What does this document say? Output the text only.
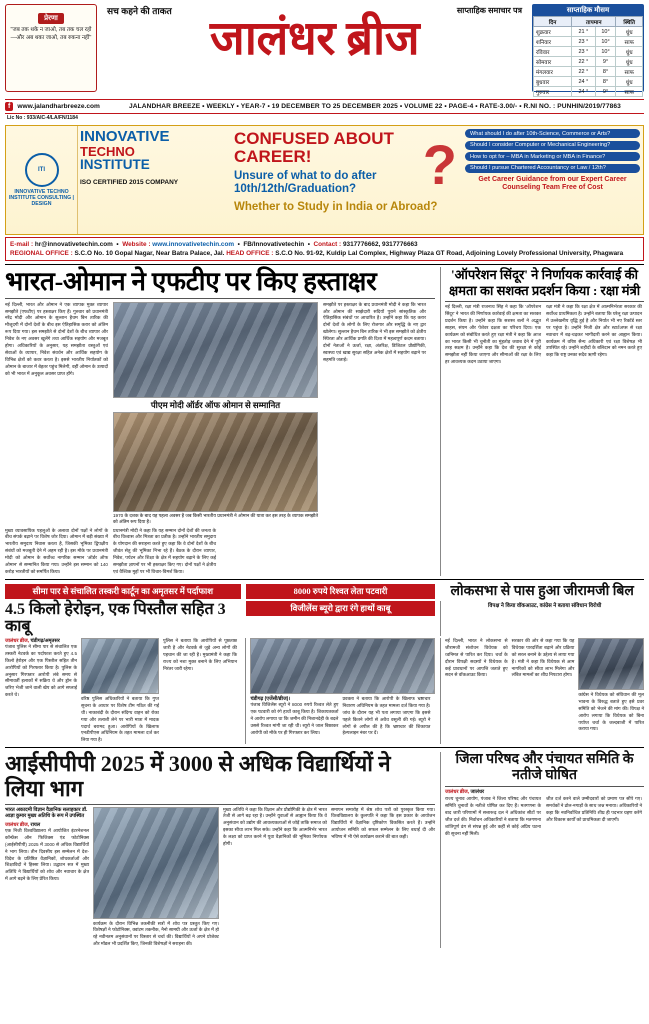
प्रेरणा
"जब तक थके न जाओ, तब तक चल रहो—और अब थका जाओ, तब रुकना नहीं"
सच कहने की ताकत	साप्ताहिक समाचार पत्र
जालंधर ब्रीज
साप्ताहिक मौसम
दिन	तापमान		स्थिति
शुक्रवार	21 °	10°	धुंध
शनिवार	23 °	10°	साफ
रविवार	23 °	10°	धुंध
सोमवार	22 °	9°	धुंध
मंगलवार	22 °	8°	साफ
बुधवार	24 °	8°	धुंध
गुरुवार	24 °	9°	साफ
f	www.jalandharbreeze.com	JALANDHAR BREEZE • WEEKLY • YEAR-7 • 19 DECEMBER TO 25 DECEMBER 2025 • VOLUME 22 • PAGE-4 • RATE-3.00/- • R.NI NO. : PUNHIN/2019/77863
Lic No : 933/AIC-4/LA/FN/1184
ITI
INNOVATIVE TECHNO INSTITUTE CONSULTING | DESIGN
INNOVATIVE
TECHNO
INSTITUTE
ISO CERTIFIED 2015 COMPANY
CONFUSED ABOUT CAREER!
Unsure of what to do after 10th/12th/Graduation?
Whether to Study in India or Abroad?
?	What should I do after 10th-Science, Commerce or Arts?
Should I consider Computer or Mechanical Engineering?
How to opt for – MBA in Marketing or MBA in Finance?
Should I pursue Chartered Accountancy or Law / 12th?
Get Career Guidance from our Expert Career Counseling Team Free of Cost
E-mail : hr@innovativetechin.com  •  Website : www.innovativetechin.com  •  FB/Innovativetechin  •  Contact : 9317776662, 9317776663
REGIONAL OFFICE : S.C.O No. 10 Gopal Nagar, Near Batra Palace, Jal. HEAD OFFICE : S.C.O No. 91-92, Kuldip Lal Complex, Highway Plaza GT Road, Adjoining Lovely Professional University, Phagwara
भारत-ओमान ने एफटीए पर किए हस्ताक्षर
नई दिल्ली, भारत और ओमान ने एक व्यापक मुक्त व्यापार समझौते (एफटीए) पर हस्ताक्षर किए हैं। गुरुवार को प्रधानमंत्री नरेंद्र मोदी और ओमान के सुल्तान हैथम बिन तारिक की मौजूदगी में दोनों देशों के बीच इस ऐतिहासिक करार को अंतिम रूप दिया गया। इस समझौते से दोनों देशों के बीच व्यापार और निवेश के नए अवसर खुलेंगे तथा आर्थिक सहयोग और मजबूत होगा। अधिकारियों के अनुसार, यह समझौता वस्तुओं एवं सेवाओं के व्यापार, निवेश संवर्धन और आर्थिक सहयोग के विभिन्न क्षेत्रों को कवर करता है। इससे भारतीय निर्यातकों को ओमान के बाजार में बेहतर पहुंच मिलेगी, वहीं ओमान के उत्पादों को भी भारत में अनुकूल अवसर प्राप्त होंगे।
पीएम मोदी ऑर्डर ऑफ ओमान से सम्मानित
1970 के दशक के बाद यह पहला अवसर है जब किसी भारतीय प्रधानमंत्री ने ओमान की यात्रा कर इस तरह के व्यापक समझौते को अंतिम रूप दिया है।
समझौते पर हस्ताक्षर के बाद प्रधानमंत्री मोदी ने कहा कि भारत और ओमान की साझेदारी सदियों पुराने सांस्कृतिक और ऐतिहासिक संबंधों पर आधारित है। उन्होंने कहा कि यह करार दोनों देशों के लोगों के लिए रोजगार और समृद्धि के नए द्वार खोलेगा। सुल्तान हैथम बिन तारिक ने भी इस समझौते को क्षेत्रीय स्थिरता और आर्थिक प्रगति की दिशा में महत्वपूर्ण कदम बताया। दोनों नेताओं ने ऊर्जा, रक्षा, अंतरिक्ष, डिजिटल प्रौद्योगिकी, स्वास्थ्य एवं खाद्य सुरक्षा सहित अनेक क्षेत्रों में सहयोग बढ़ाने पर सहमति जताई।
मुख्य व्यावसायिक पहलुओं के अलावा दोनों पक्षों ने लोगों के बीच संपर्क बढ़ाने पर विशेष जोर दिया। ओमान में बड़ी संख्या में भारतीय समुदाय निवास करता है, जिसकी भूमिका द्विपक्षीय संबंधों को मजबूती देने में अहम रही है। इस मौके पर प्रधानमंत्री मोदी को ओमान के सर्वोच्च नागरिक सम्मान 'ऑर्डर ऑफ ओमान' से सम्मानित किया गया। उन्होंने इस सम्मान को 140 करोड़ भारतीयों को समर्पित किया।
प्रधानमंत्री मोदी ने कहा कि यह सम्मान दोनों देशों की जनता के बीच विश्वास और मित्रता का प्रतीक है। उन्होंने भारतीय समुदाय के योगदान की सराहना करते हुए कहा कि वे दोनों देशों के बीच जीवंत सेतु की भूमिका निभा रहे हैं। बैठक के दौरान व्यापार, निवेश, पर्यटन और शिक्षा के क्षेत्र में सहयोग बढ़ाने के लिए कई समझौता ज्ञापनों पर भी हस्ताक्षर किए गए। दोनों पक्षों ने क्षेत्रीय एवं वैश्विक मुद्दों पर भी विचार-विमर्श किया।
'ऑपरेशन सिंदूर' ने निर्णायक कार्रवाई की क्षमता का सशक्त प्रदर्शन किया : रक्षा मंत्री
नई दिल्ली, रक्षा मंत्री राजनाथ सिंह ने कहा कि 'ऑपरेशन सिंदूर' ने भारत की निर्णायक कार्रवाई की क्षमता का सशक्त प्रदर्शन किया है। उन्होंने कहा कि सशस्त्र बलों ने अद्भुत साहस, संयम और पेशेवर दक्षता का परिचय दिया। एक कार्यक्रम को संबोधित करते हुए रक्षा मंत्री ने कहा कि आज का भारत किसी भी चुनौती का मुंहतोड़ जवाब देने में पूरी तरह सक्षम है। उन्होंने कहा कि देश की सुरक्षा से कोई समझौता नहीं किया जाएगा और सीमाओं की रक्षा के लिए हर आवश्यक कदम उठाया जाएगा।
रक्षा मंत्री ने कहा कि रक्षा क्षेत्र में आत्मनिर्भरता सरकार की सर्वोच्च प्राथमिकता है। उन्होंने बताया कि घरेलू रक्षा उत्पादन में उल्लेखनीय वृद्धि हुई है और निर्यात भी नए रिकॉर्ड स्तर पर पहुंचा है। उन्होंने निजी क्षेत्र और स्टार्टअप्स से रक्षा नवाचार में बढ़-चढ़कर भागीदारी करने का आह्वान किया। कार्यक्रम में वरिष्ठ सैन्य अधिकारी एवं रक्षा विशेषज्ञ भी उपस्थित रहे। उन्होंने शहीदों के बलिदान को नमन करते हुए कहा कि राष्ट्र उनका सदैव ऋणी रहेगा।
सीमा पार से संचालित तस्करी कार्टून का अमृतसर में पर्दाफाश	8000 रुपये रिश्वत लेता पटवारी	लोकसभा से पास हुआ जीरामजी बिल
4.5 किलो हेरोइन, एक पिस्तौल सहित 3 काबू
विजीलेंस ब्यूरो द्वारा रंगे हाथों काबू	विपक्ष ने किया वॉकआउट, कांग्रेस ने बताया संविधान विरोधी
जालंधर ब्रीज, चंडीगढ़/अमृतसर
पंजाब पुलिस ने सीमा पार से संचालित एक तस्करी नेटवर्क का पर्दाफाश करते हुए 4.5 किलो हेरोइन और एक पिस्तौल सहित तीन आरोपियों को गिरफ्तार किया है। पुलिस के अनुसार गिरफ्तार आरोपी लंबे समय से सीमावर्ती इलाकों में सक्रिय थे और ड्रोन के जरिए भेजी जाने वाली खेप को आगे सप्लाई करते थे।
वरिष्ठ पुलिस अधिकारियों ने बताया कि गुप्त सूचना के आधार पर विशेष टीम गठित की गई थी। नाकाबंदी के दौरान संदिग्ध वाहन को रोका गया और तलाशी लेने पर भारी मात्रा में मादक पदार्थ बरामद हुआ। आरोपियों के खिलाफ एनडीपीएस अधिनियम के तहत मामला दर्ज कर लिया गया है।
पुलिस ने बताया कि आरोपियों से पूछताछ जारी है और नेटवर्क से जुड़े अन्य लोगों की पहचान की जा रही है। मुख्यमंत्री ने कहा कि राज्य को नशा मुक्त बनाने के लिए अभियान निरंतर जारी रहेगा।
चंडीगढ़ (एजेंसी/ब्रीज)।
पंजाब विजिलेंस ब्यूरो ने 8000 रुपये रिश्वत लेते हुए एक पटवारी को रंगे हाथों काबू किया है। शिकायतकर्ता ने आरोप लगाया था कि जमीन की निशानदेही के बदले उससे रिश्वत मांगी जा रही थी। ब्यूरो ने जाल बिछाकर आरोपी को मौके पर ही गिरफ्तार कर लिया।
प्रवक्ता ने बताया कि आरोपी के खिलाफ भ्रष्टाचार निवारण अधिनियम के तहत मामला दर्ज किया गया है। जांच के दौरान यह भी पता लगाया जाएगा कि इससे पहले कितने लोगों से अवैध वसूली की गई। ब्यूरो ने लोगों से अपील की है कि भ्रष्टाचार की शिकायत हेल्पलाइन नंबर पर दें।
नई दिल्ली, भारत ने लोकसभा से जीरामजी संशोधन विधेयक को ध्वनिमत से पारित कर दिया। चर्चा के दौरान विपक्षी सदस्यों ने विधेयक के कई प्रावधानों पर आपत्ति जताते हुए सदन से वॉकआउट किया।
सरकार की ओर से कहा गया कि यह विधेयक पारदर्शिता बढ़ाने और प्रक्रिया को सरल बनाने के उद्देश्य से लाया गया है। मंत्री ने कहा कि विधेयक से आम नागरिकों को सीधा लाभ मिलेगा और लंबित मामलों का शीघ्र निपटारा होगा।
कांग्रेस ने विधेयक को संविधान की मूल भावना के विरुद्ध बताते हुए इसे प्रवर समिति को भेजने की मांग की। विपक्ष ने आरोप लगाया कि विधेयक को बिना पर्याप्त चर्चा के जल्दबाजी में पारित कराया गया।
आईसीपीपी 2025 में 3000 से अधिक विद्यार्थियों ने लिया भाग
भारत अकादमी विज्ञान वैज्ञानिक सलाहकार डॉ. आज्ञा कुमार मुख्य अतिथि के रूप में उपस्थित
जालंधर ब्रीज, रायल
एक निजी विश्वविद्यालय में आयोजित इंटरनेशनल कॉन्फ्रेंस ऑन फिजिक्स एंड फोटोनिक्स (आईसीपीपी) 2025 में 3000 से अधिक विद्यार्थियों ने भाग लिया। तीन दिवसीय इस सम्मेलन में देश-विदेश के प्रतिष्ठित वैज्ञानिकों, शोधकर्ताओं और शिक्षाविदों ने हिस्सा लिया। उद्घाटन सत्र में मुख्य अतिथि ने विद्यार्थियों को शोध और नवाचार के क्षेत्र में आगे बढ़ने के लिए प्रेरित किया।
कार्यक्रम के दौरान विभिन्न तकनीकी सत्रों में शोध पत्र प्रस्तुत किए गए। विशेषज्ञों ने फोटोनिक्स, क्वांटम तकनीक, नैनो सामग्री और ऊर्जा के क्षेत्र में हो रहे नवीनतम अनुसंधानों पर विस्तार से चर्चा की। विद्यार्थियों ने अपने प्रोजेक्ट और मॉडल भी प्रदर्शित किए, जिनकी विशेषज्ञों ने सराहना की।
मुख्य अतिथि ने कहा कि विज्ञान और प्रौद्योगिकी के क्षेत्र में भारत तेजी से आगे बढ़ रहा है। उन्होंने युवाओं से आह्वान किया कि वे अनुसंधान को उद्योग की आवश्यकताओं से जोड़ें ताकि समाज को इसका सीधा लाभ मिल सके। उन्होंने कहा कि आत्मनिर्भर भारत के लक्ष्य को प्राप्त करने में युवा वैज्ञानिकों की भूमिका निर्णायक होगी।
समापन समारोह में श्रेष्ठ शोध पत्रों को पुरस्कृत किया गया। विश्वविद्यालय के कुलपति ने कहा कि इस प्रकार के आयोजन विद्यार्थियों में वैज्ञानिक दृष्टिकोण विकसित करते हैं। उन्होंने आयोजन समिति को सफल सम्मेलन के लिए बधाई दी और भविष्य में भी ऐसे कार्यक्रम कराने की बात कही।
जिला परिषद और पंचायत समिति के नतीजे घोषित
जालंधर ब्रीज, जालंधर
राज्य चुनाव आयोग, पंजाब ने जिला परिषद और पंचायत समिति चुनावों के नतीजे घोषित कर दिए हैं। मतगणना के बाद जारी परिणामों में सत्तारूढ़ दल ने अधिकांश सीटों पर जीत दर्ज की। निर्वाचन अधिकारियों ने बताया कि मतगणना शांतिपूर्ण ढंग से संपन्न हुई और कहीं से कोई अप्रिय घटना की सूचना नहीं मिली।
जीत दर्ज करने वाले उम्मीदवारों को प्रमाण पत्र सौंपे गए। समर्थकों ने ढोल-नगाड़ों के साथ जश्न मनाया। अधिकारियों ने कहा कि नवनिर्वाचित प्रतिनिधि शीघ्र ही पदभार ग्रहण करेंगे और विकास कार्यों को प्राथमिकता दी जाएगी।
